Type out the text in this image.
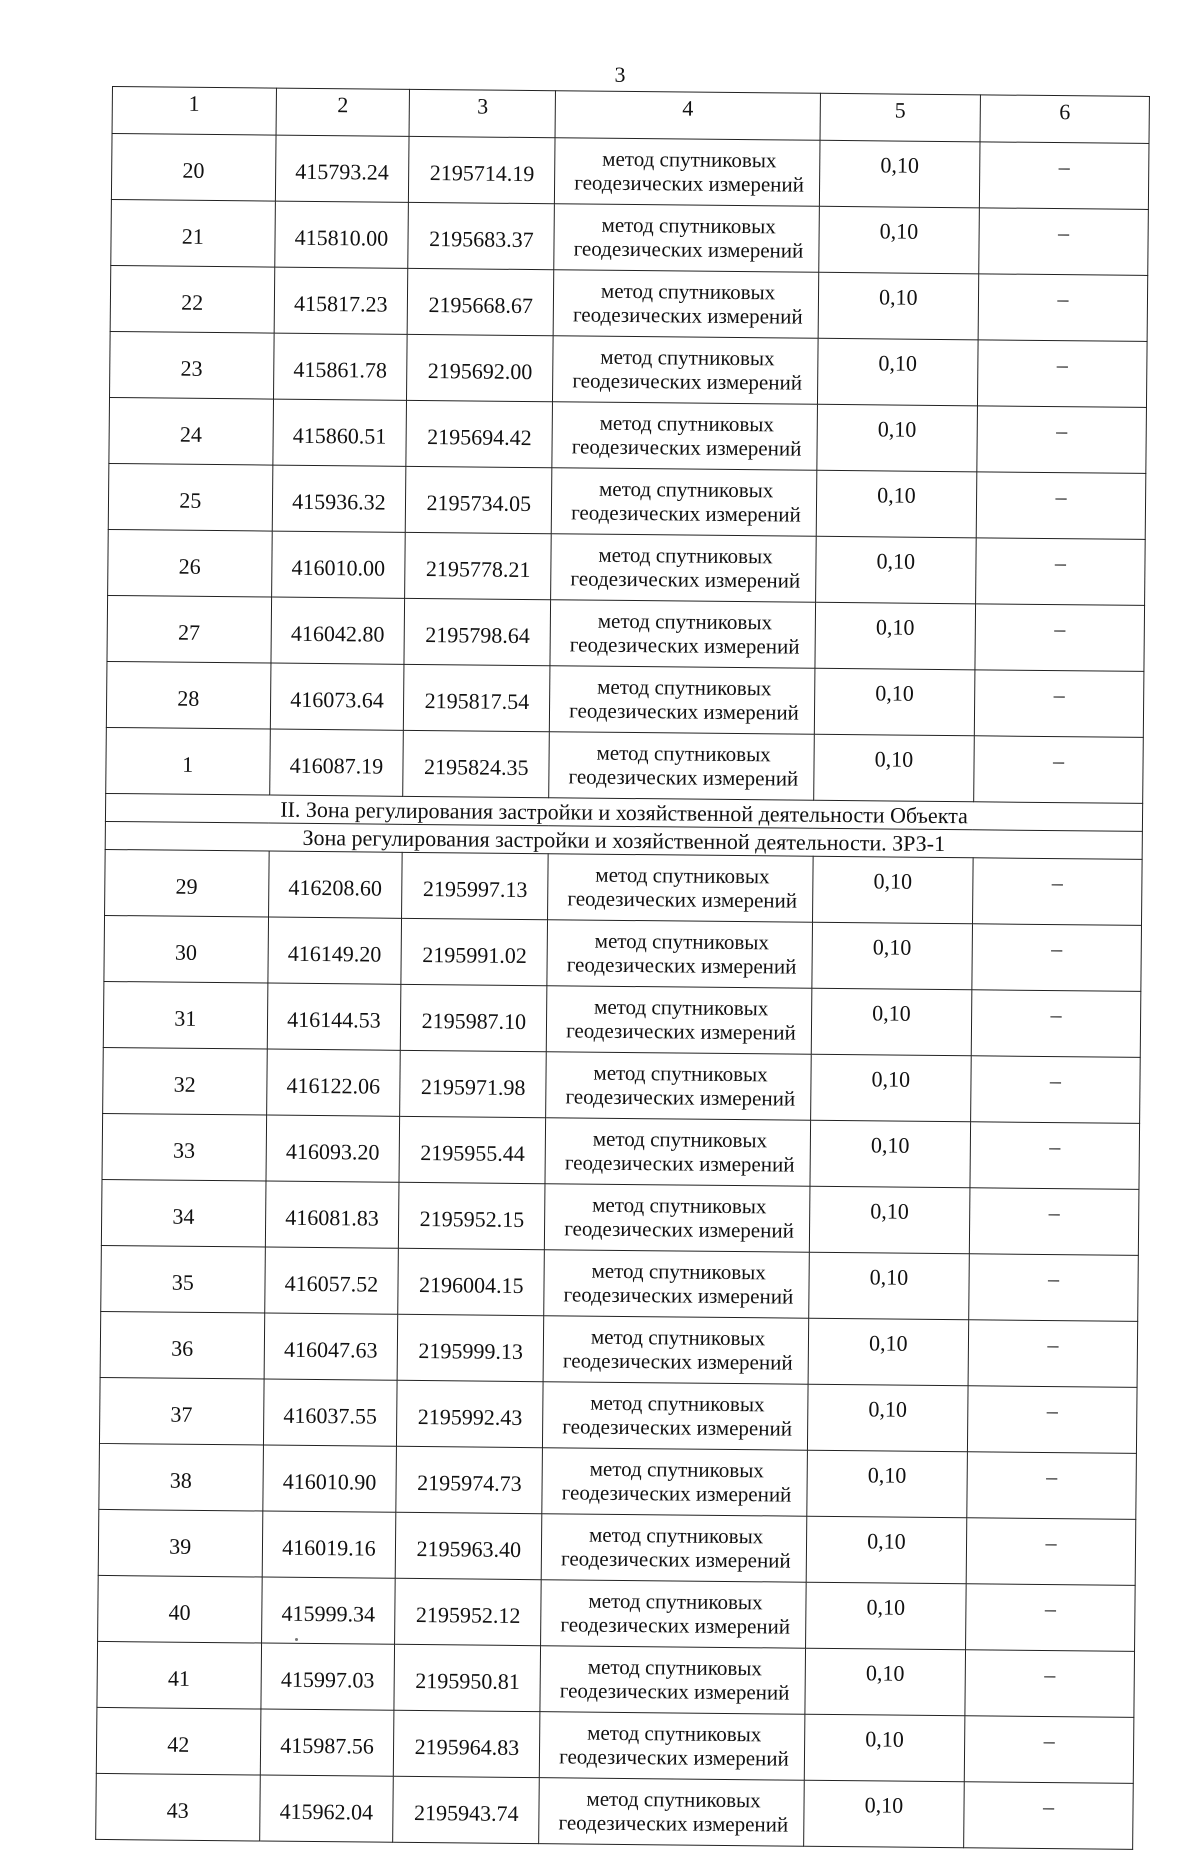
3
1	2	3	4	5	6
20	415793.24	2195714.19	метод спутниковых
геодезических измерений	0,10	–
21	415810.00	2195683.37	метод спутниковых
геодезических измерений	0,10	–
22	415817.23	2195668.67	метод спутниковых
геодезических измерений	0,10	–
23	415861.78	2195692.00	метод спутниковых
геодезических измерений	0,10	–
24	415860.51	2195694.42	метод спутниковых
геодезических измерений	0,10	–
25	415936.32	2195734.05	метод спутниковых
геодезических измерений	0,10	–
26	416010.00	2195778.21	метод спутниковых
геодезических измерений	0,10	–
27	416042.80	2195798.64	метод спутниковых
геодезических измерений	0,10	–
28	416073.64	2195817.54	метод спутниковых
геодезических измерений	0,10	–
1	416087.19	2195824.35	метод спутниковых
геодезических измерений	0,10	–
II. Зона регулирования застройки и хозяйственной деятельности Объекта					
Зона регулирования застройки и хозяйственной деятельности. ЗРЗ-1					
29	416208.60	2195997.13	метод спутниковых
геодезических измерений	0,10	–
30	416149.20	2195991.02	метод спутниковых
геодезических измерений	0,10	–
31	416144.53	2195987.10	метод спутниковых
геодезических измерений	0,10	–
32	416122.06	2195971.98	метод спутниковых
геодезических измерений	0,10	–
33	416093.20	2195955.44	метод спутниковых
геодезических измерений	0,10	–
34	416081.83	2195952.15	метод спутниковых
геодезических измерений	0,10	–
35	416057.52	2196004.15	метод спутниковых
геодезических измерений	0,10	–
36	416047.63	2195999.13	метод спутниковых
геодезических измерений	0,10	–
37	416037.55	2195992.43	метод спутниковых
геодезических измерений	0,10	–
38	416010.90	2195974.73	метод спутниковых
геодезических измерений	0,10	–
39	416019.16	2195963.40	метод спутниковых
геодезических измерений	0,10	–
40	415999.34	2195952.12	метод спутниковых
геодезических измерений	0,10	–
41	415997.03	2195950.81	метод спутниковых
геодезических измерений	0,10	–
42	415987.56	2195964.83	метод спутниковых
геодезических измерений	0,10	–
43	415962.04	2195943.74	метод спутниковых
геодезических измерений	0,10	–
